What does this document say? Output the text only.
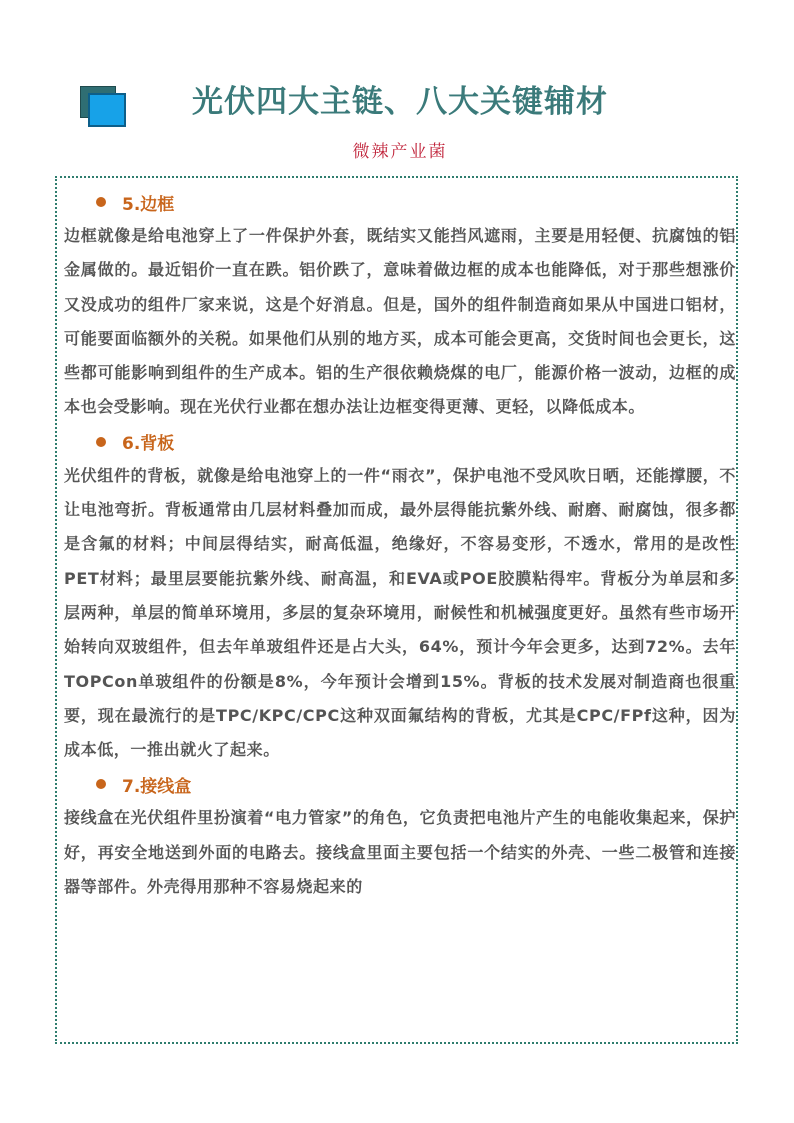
光伏四大主链、八大关键辅材
微辣产业菌
5.边框

边框就像是给电池穿上了一件保护外套，既结实又能挡风遮雨，主要是用轻便、抗腐蚀的铝金属做的。最近铝价一直在跌。铝价跌了，意味着做边框的成本也能降低，对于那些想涨价又没成功的组件厂家来说，这是个好消息。但是，国外的组件制造商如果从中国进口铝材，可能要面临额外的关税。如果他们从别的地方买，成本可能会更高，交货时间也会更长，这些都可能影响到组件的生产成本。铝的生产很依赖烧煤的电厂，能源价格一波动，边框的成本也会受影响。现在光伏行业都在想办法让边框变得更薄、更轻，以降低成本。

6.背板

光伏组件的背板，就像是给电池穿上的一件“雨衣”，保护电池不受风吹日晒，还能撑腰，不让电池弯折。背板通常由几层材料叠加而成，最外层得能抗紫外线、耐磨、耐腐蚀，很多都是含氟的材料；中间层得结实，耐高低温，绝缘好，不容易变形，不透水，常用的是改性PET材料；最里层要能抗紫外线、耐高温，和EVA或POE胶膜粘得牢。背板分为单层和多层两种，单层的简单环境用，多层的复杂环境用，耐候性和机械强度更好。虽然有些市场开始转向双玻组件，但去年单玻组件还是占大头，64%，预计今年会更多，达到72%。去年TOPCon单玻组件的份额是8%，今年预计会增到15%。背板的技术发展对制造商也很重要，现在最流行的是TPC/KPC/CPC这种双面氟结构的背板，尤其是CPC/FPf这种，因为成本低，一推出就火了起来。

7.接线盒

接线盒在光伏组件里扮演着“电力管家”的角色，它负责把电池片产生的电能收集起来，保护好，再安全地送到外面的电路去。接线盒里面主要包括一个结实的外壳、一些二极管和连接器等部件。外壳得用那种不容易烧起来的
